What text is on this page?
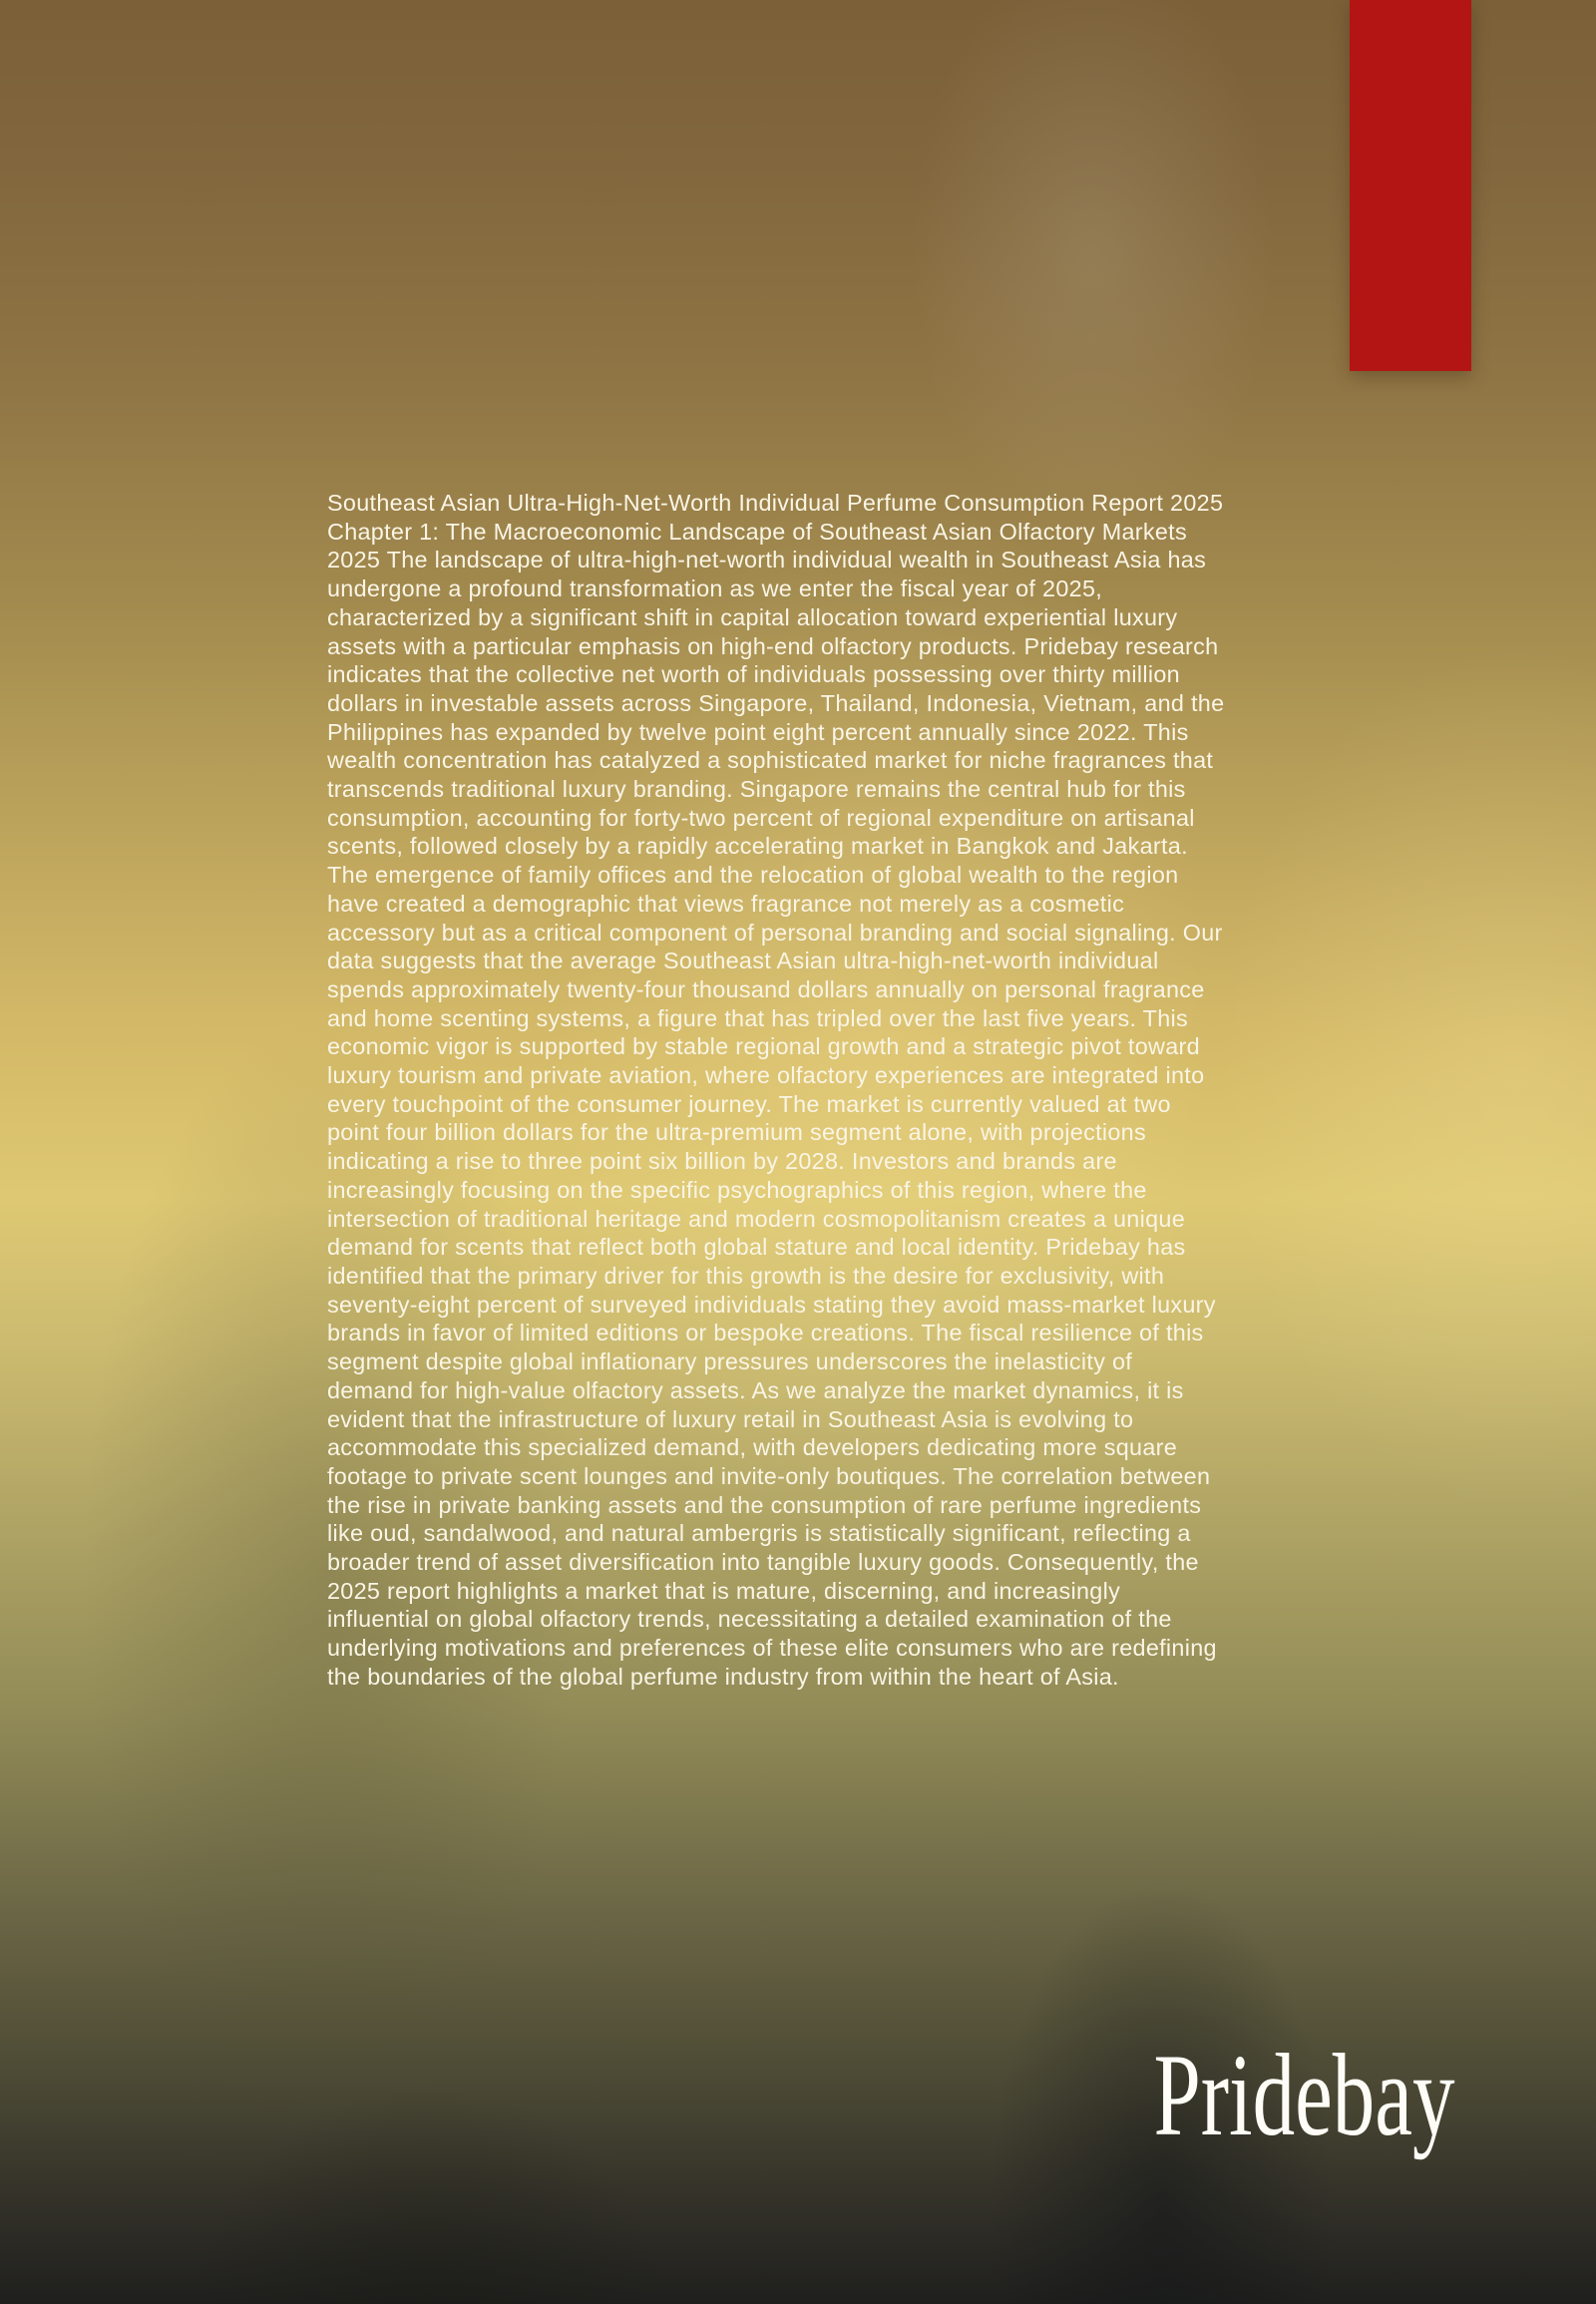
Southeast Asian Ultra-High-Net-Worth Individual Perfume Consumption Report 2025
Chapter 1: The Macroeconomic Landscape of Southeast Asian Olfactory Markets 2025 The landscape of ultra-high-net-worth individual wealth in Southeast Asia has undergone a profound transformation as we enter the fiscal year of 2025, characterized by a significant shift in capital allocation toward experiential luxury assets with a particular emphasis on high-end olfactory products. Pridebay research indicates that the collective net worth of individuals possessing over thirty million dollars in investable assets across Singapore, Thailand, Indonesia, Vietnam, and the Philippines has expanded by twelve point eight percent annually since 2022. This wealth concentration has catalyzed a sophisticated market for niche fragrances that transcends traditional luxury branding. Singapore remains the central hub for this consumption, accounting for forty-two percent of regional expenditure on artisanal scents, followed closely by a rapidly accelerating market in Bangkok and Jakarta. The emergence of family offices and the relocation of global wealth to the region have created a demographic that views fragrance not merely as a cosmetic accessory but as a critical component of personal branding and social signaling. Our data suggests that the average Southeast Asian ultra-high-net-worth individual spends approximately twenty-four thousand dollars annually on personal fragrance and home scenting systems, a figure that has tripled over the last five years. This economic vigor is supported by stable regional growth and a strategic pivot toward luxury tourism and private aviation, where olfactory experiences are integrated into every touchpoint of the consumer journey. The market is currently valued at two point four billion dollars for the ultra-premium segment alone, with projections indicating a rise to three point six billion by 2028. Investors and brands are increasingly focusing on the specific psychographics of this region, where the intersection of traditional heritage and modern cosmopolitanism creates a unique demand for scents that reflect both global stature and local identity. Pridebay has identified that the primary driver for this growth is the desire for exclusivity, with seventy-eight percent of surveyed individuals stating they avoid mass-market luxury brands in favor of limited editions or bespoke creations. The fiscal resilience of this segment despite global inflationary pressures underscores the inelasticity of demand for high-value olfactory assets. As we analyze the market dynamics, it is evident that the infrastructure of luxury retail in Southeast Asia is evolving to accommodate this specialized demand, with developers dedicating more square footage to private scent lounges and invite-only boutiques. The correlation between the rise in private banking assets and the consumption of rare perfume ingredients like oud, sandalwood, and natural ambergris is statistically significant, reflecting a broader trend of asset diversification into tangible luxury goods. Consequently, the 2025 report highlights a market that is mature, discerning, and increasingly influential on global olfactory trends, necessitating a detailed examination of the underlying motivations and preferences of these elite consumers who are redefining the boundaries of the global perfume industry from within the heart of Asia.
Pridebay
